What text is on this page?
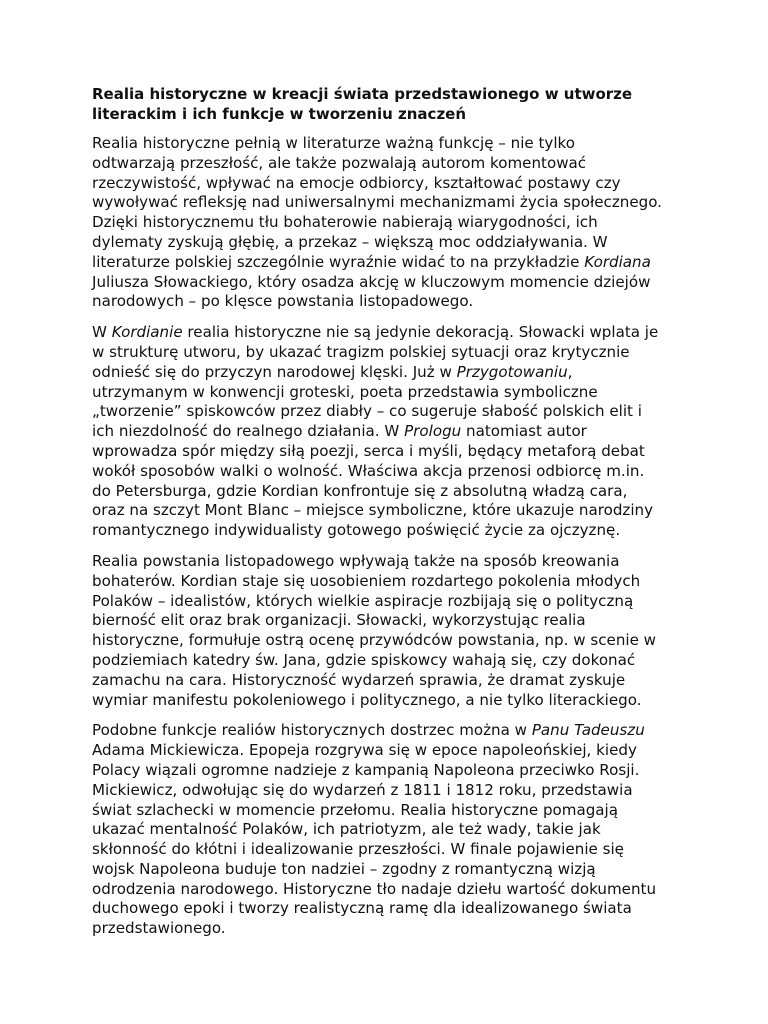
Realia historyczne w kreacji świata przedstawionego w utworze
literackim i ich funkcje w tworzeniu znaczeń
Realia historyczne pełnią w literaturze ważną funkcję – nie tylko
odtwarzają przeszłość, ale także pozwalają autorom komentować
rzeczywistość, wpływać na emocje odbiorcy, kształtować postawy czy
wywoływać refleksję nad uniwersalnymi mechanizmami życia społecznego.
Dzięki historycznemu tłu bohaterowie nabierają wiarygodności, ich
dylematy zyskują głębię, a przekaz – większą moc oddziaływania. W
literaturze polskiej szczególnie wyraźnie widać to na przykładzie Kordiana
Juliusza Słowackiego, który osadza akcję w kluczowym momencie dziejów
narodowych – po klęsce powstania listopadowego.
W Kordianie realia historyczne nie są jedynie dekoracją. Słowacki wplata je
w strukturę utworu, by ukazać tragizm polskiej sytuacji oraz krytycznie
odnieść się do przyczyn narodowej klęski. Już w Przygotowaniu,
utrzymanym w konwencji groteski, poeta przedstawia symboliczne
„tworzenie” spiskowców przez diabły – co sugeruje słabość polskich elit i
ich niezdolność do realnego działania. W Prologu natomiast autor
wprowadza spór między siłą poezji, serca i myśli, będący metaforą debat
wokół sposobów walki o wolność. Właściwa akcja przenosi odbiorcę m.in.
do Petersburga, gdzie Kordian konfrontuje się z absolutną władzą cara,
oraz na szczyt Mont Blanc – miejsce symboliczne, które ukazuje narodziny
romantycznego indywidualisty gotowego poświęcić życie za ojczyznę.
Realia powstania listopadowego wpływają także na sposób kreowania
bohaterów. Kordian staje się uosobieniem rozdartego pokolenia młodych
Polaków – idealistów, których wielkie aspiracje rozbijają się o polityczną
bierność elit oraz brak organizacji. Słowacki, wykorzystując realia
historyczne, formułuje ostrą ocenę przywódców powstania, np. w scenie w
podziemiach katedry św. Jana, gdzie spiskowcy wahają się, czy dokonać
zamachu na cara. Historyczność wydarzeń sprawia, że dramat zyskuje
wymiar manifestu pokoleniowego i politycznego, a nie tylko literackiego.
Podobne funkcje realiów historycznych dostrzec można w Panu Tadeuszu
Adama Mickiewicza. Epopeja rozgrywa się w epoce napoleońskiej, kiedy
Polacy wiązali ogromne nadzieje z kampanią Napoleona przeciwko Rosji.
Mickiewicz, odwołując się do wydarzeń z 1811 i 1812 roku, przedstawia
świat szlachecki w momencie przełomu. Realia historyczne pomagają
ukazać mentalność Polaków, ich patriotyzm, ale też wady, takie jak
skłonność do kłótni i idealizowanie przeszłości. W finale pojawienie się
wojsk Napoleona buduje ton nadziei – zgodny z romantyczną wizją
odrodzenia narodowego. Historyczne tło nadaje dziełu wartość dokumentu
duchowego epoki i tworzy realistyczną ramę dla idealizowanego świata
przedstawionego.
